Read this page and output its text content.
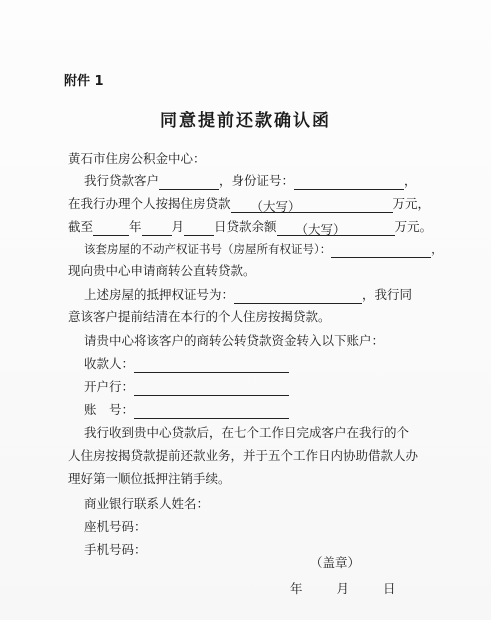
附件 1
同意提前还款确认函
黄石市住房公积金中心：
我行贷款客户	，身份证号：	，
在我行办理个人按揭住房贷款 （大写）	万元，
截至	年 月 日贷款余额 （大写）	万元。
该套房屋的不动产权证书号（房屋所有权证号）：	，
现向贵中心申请商转公直转贷款。
上述房屋的抵押权证号为：	，我行同
意该客户提前结清在本行的个人住房按揭贷款。
请贵中心将该客户的商转公转贷款资金转入以下账户：
收款人：
开户行：
账　号：
我行收到贵中心贷款后，在七个工作日完成客户在我行的个
人住房按揭贷款提前还款业务，并于五个工作日内协助借款人办
理好第一顺位抵押注销手续。
商业银行联系人姓名：
座机号码：
手机号码：
（盖章）
年	月	日
